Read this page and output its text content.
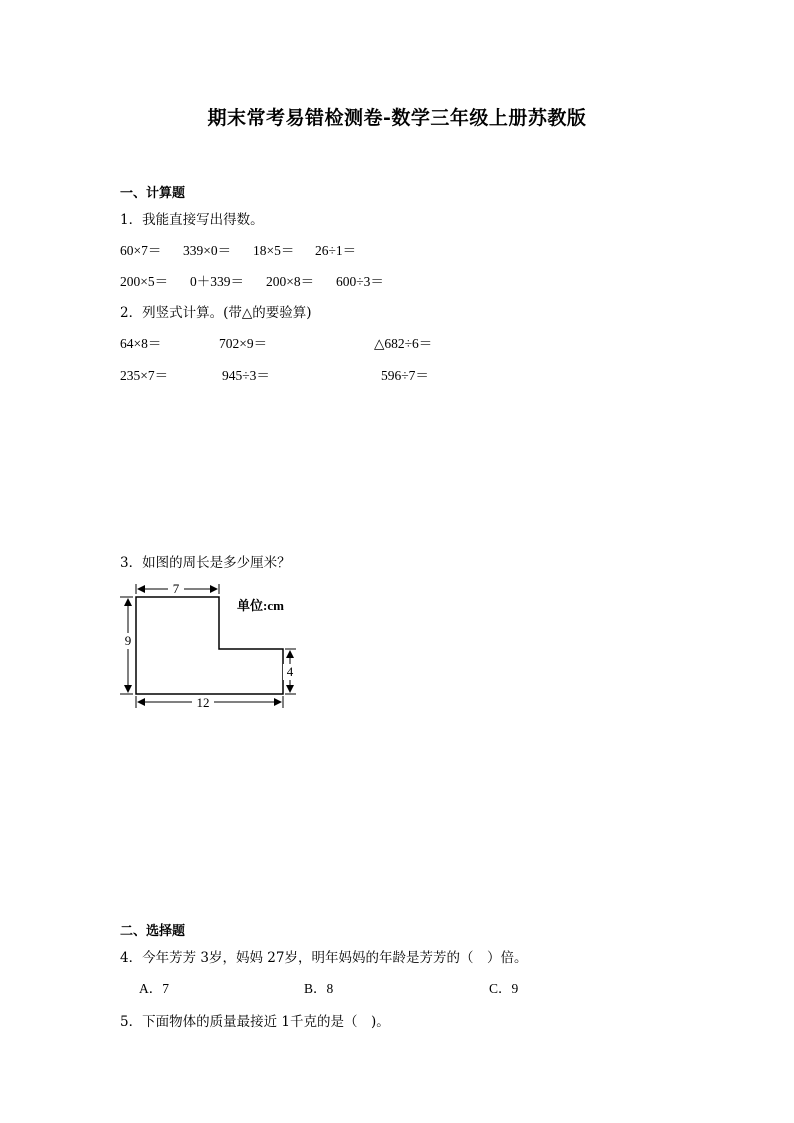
期末常考易错检测卷-数学三年级上册苏教版
一、计算题
1．我能直接写出得数。
60×7＝ 339×0＝ 18×5＝ 26÷1＝
200×5＝ 0＋339＝ 200×8＝ 600÷3＝
2．列竖式计算。(带△的要验算)
64×8＝	702×9＝	△682÷6＝
235×7＝	945÷3＝	596÷7＝
3．如图的周长是多少厘米？
7
9
4
12
单位:cm
二、选择题
4．今年芳芳 3岁，妈妈 27岁，明年妈妈的年龄是芳芳的（　）倍。
A．7	B．8	C．9
5．下面物体的质量最接近 1千克的是（　)。
